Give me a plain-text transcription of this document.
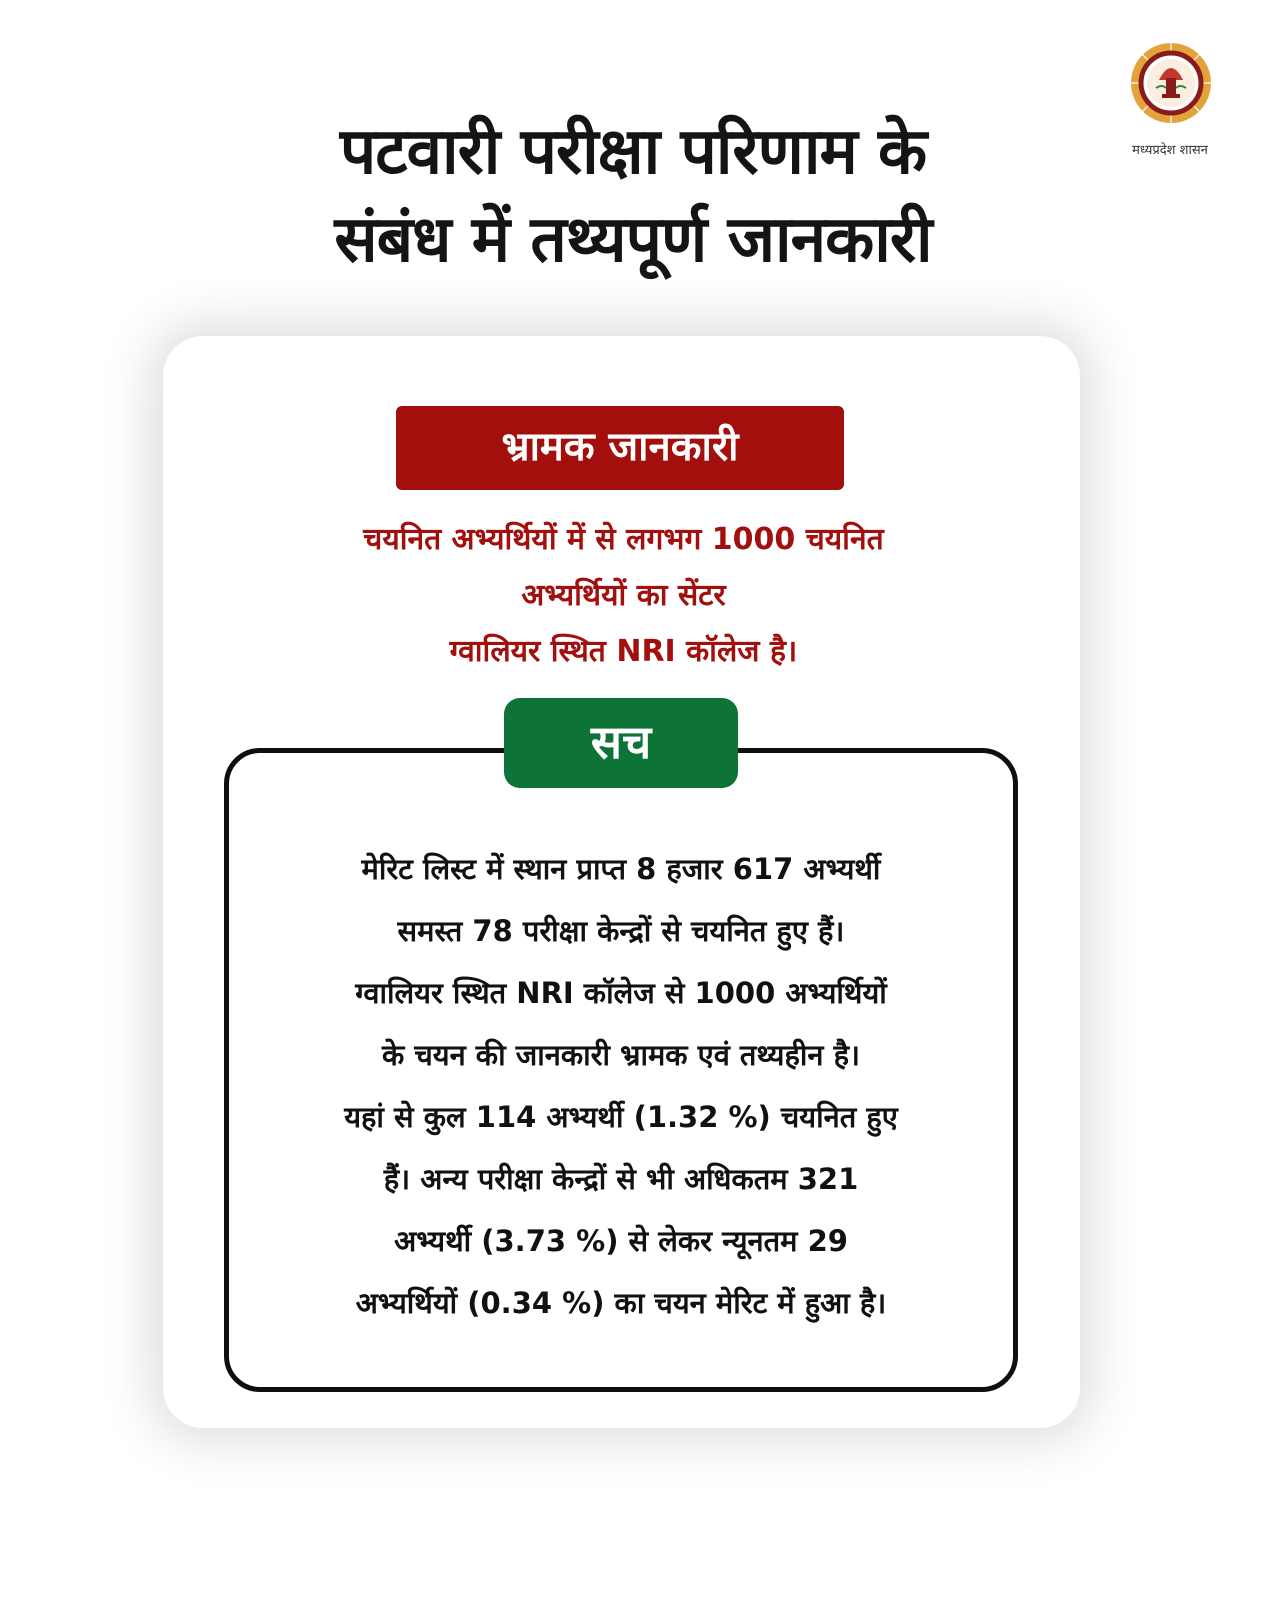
मध्यप्रदेश शासन
पटवारी परीक्षा परिणाम के
संबंध में तथ्यपूर्ण जानकारी
भ्रामक जानकारी
चयनित अभ्यर्थियों में से लगभग 1000 चयनित
अभ्यर्थियों का सेंटर
ग्वालियर स्थित NRI कॉलेज है।
सच
मेरिट लिस्ट में स्थान प्राप्त 8 हजार 617 अभ्यर्थी
समस्त 78 परीक्षा केन्द्रों से चयनित हुए हैं।
ग्वालियर स्थित NRI कॉलेज से 1000 अभ्यर्थियों
के चयन की जानकारी भ्रामक एवं तथ्यहीन है।
यहां से कुल 114 अभ्यर्थी (1.32 %) चयनित हुए
हैं। अन्य परीक्षा केन्द्रों से भी अधिकतम 321
अभ्यर्थी (3.73 %) से लेकर न्यूनतम 29
अभ्यर्थियों (0.34 %) का चयन मेरिट में हुआ है।
